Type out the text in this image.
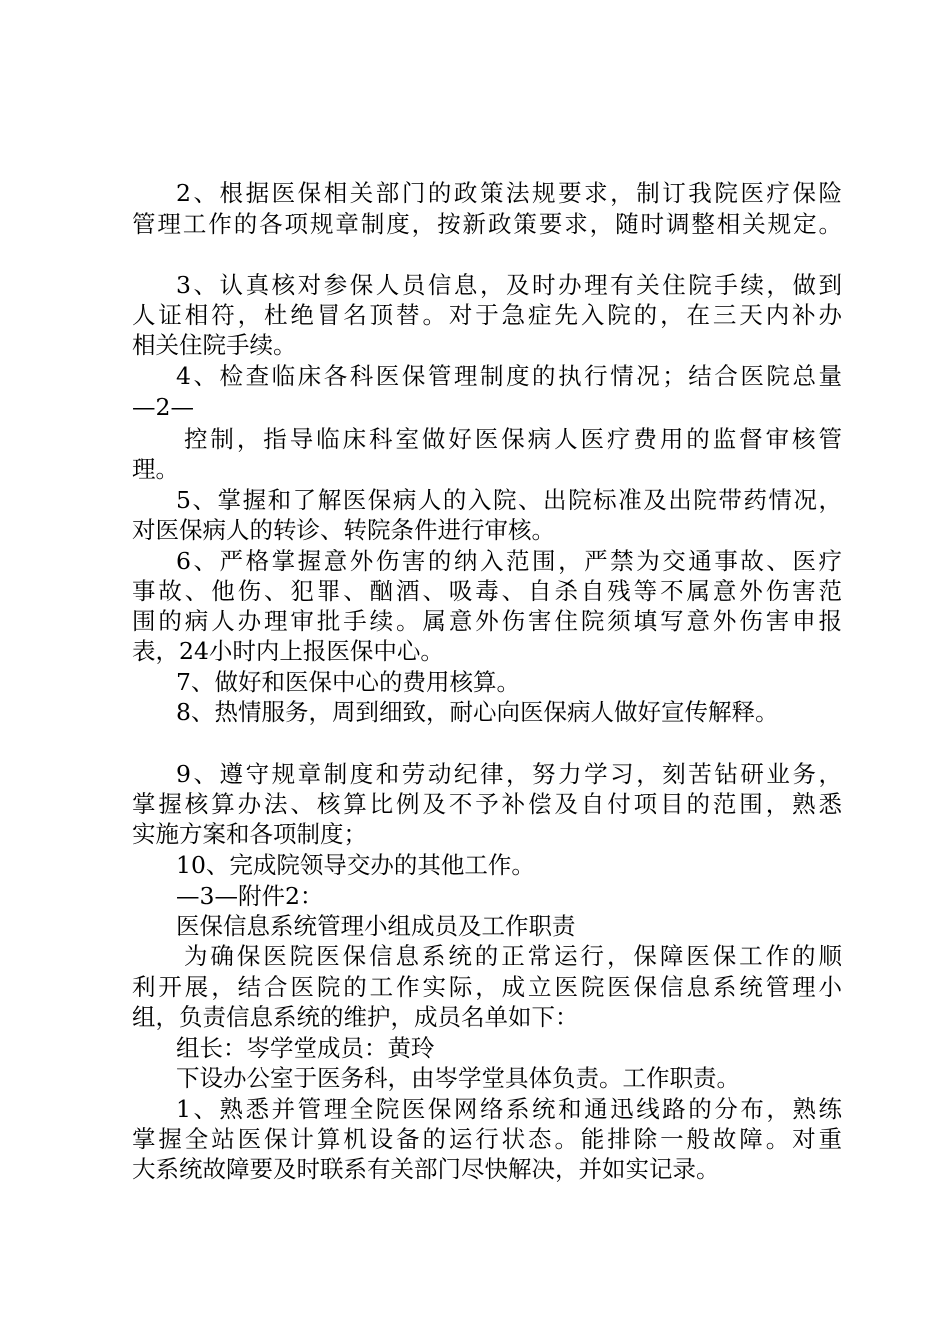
2、根据医保相关部门的政策法规要求，制订我院医疗保险
管理工作的各项规章制度，按新政策要求，随时调整相关规定。
3、认真核对参保人员信息，及时办理有关住院手续，做到
人证相符，杜绝冒名顶替。对于急症先入院的，在三天内补办
相关住院手续。
4、检查临床各科医保管理制度的执行情况；结合医院总量
—2—
控制，指导临床科室做好医保病人医疗费用的监督审核管
理。
5、掌握和了解医保病人的入院、出院标准及出院带药情况，
对医保病人的转诊、转院条件进行审核。
6、严格掌握意外伤害的纳入范围，严禁为交通事故、医疗
事故、他伤、犯罪、酗酒、吸毒、自杀自残等不属意外伤害范
围的病人办理审批手续。属意外伤害住院须填写意外伤害申报
表，24小时内上报医保中心。
7、做好和医保中心的费用核算。
8、热情服务，周到细致，耐心向医保病人做好宣传解释。
9、遵守规章制度和劳动纪律，努力学习，刻苦钻研业务，
掌握核算办法、核算比例及不予补偿及自付项目的范围，熟悉
实施方案和各项制度；
10、完成院领导交办的其他工作。
—3—附件2：
医保信息系统管理小组成员及工作职责
为确保医院医保信息系统的正常运行，保障医保工作的顺
利开展，结合医院的工作实际，成立医院医保信息系统管理小
组，负责信息系统的维护，成员名单如下：
组长：岑学堂成员：黄玲
下设办公室于医务科，由岑学堂具体负责。工作职责。
1、熟悉并管理全院医保网络系统和通迅线路的分布，熟练
掌握全站医保计算机设备的运行状态。能排除一般故障。对重
大系统故障要及时联系有关部门尽快解决，并如实记录。
